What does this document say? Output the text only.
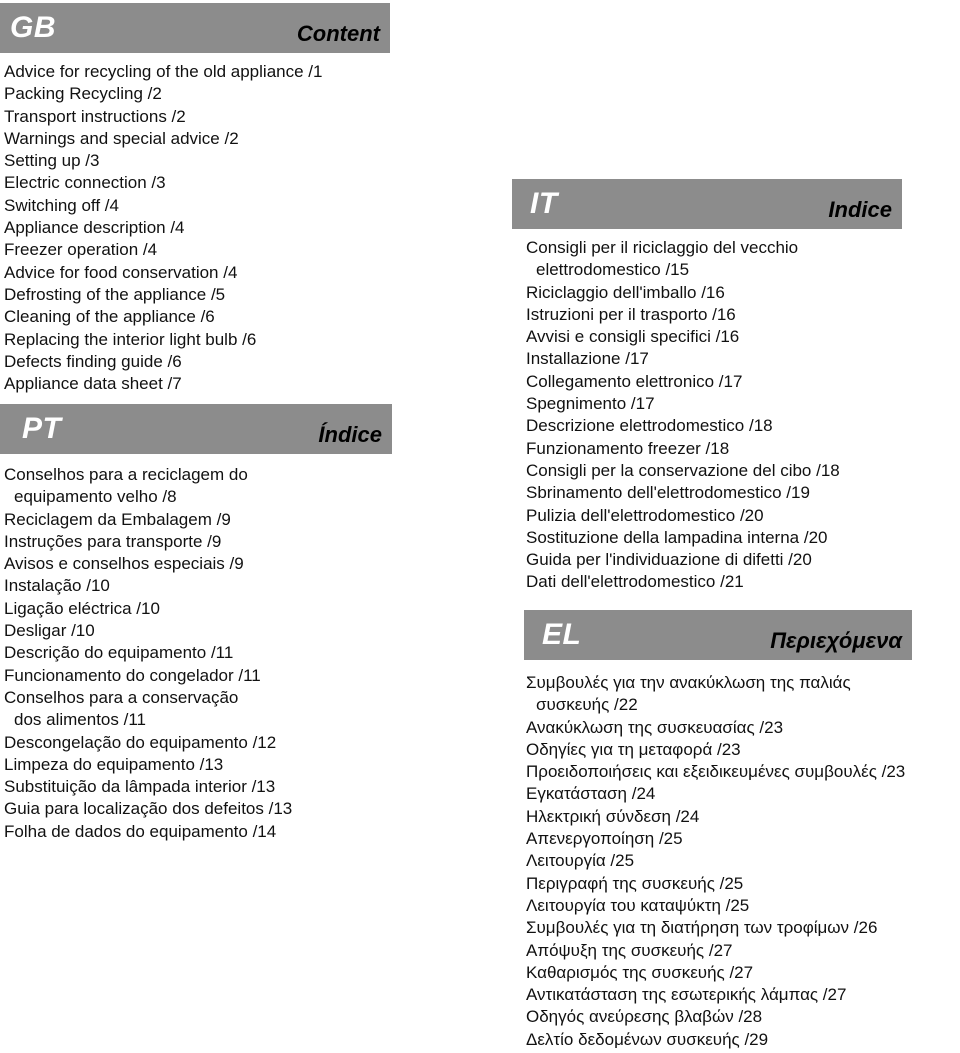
GB	Content
Advice for recycling of the old appliance /1
Packing Recycling /2
Transport instructions /2
Warnings and special advice /2
Setting up /3
Electric connection /3
Switching off /4
Appliance description /4
Freezer operation /4
Advice for food conservation /4
Defrosting of the appliance /5
Cleaning of the appliance /6
Replacing the interior light bulb /6
Defects finding guide /6
Appliance data sheet /7
PT	Índice
Conselhos para a reciclagem do
equipamento velho /8
Reciclagem da Embalagem /9
Instruções para transporte /9
Avisos e conselhos especiais /9
Instalação /10
Ligação eléctrica /10
Desligar /10
Descrição do equipamento /11
Funcionamento do congelador /11
Conselhos para a conservação
dos alimentos /11
Descongelação do equipamento /12
Limpeza do equipamento /13
Substituição da lâmpada interior /13
Guia para localização dos defeitos /13
Folha de dados do equipamento /14
IT	Indice
Consigli per il riciclaggio del vecchio
elettrodomestico /15
Riciclaggio dell'imballo /16
Istruzioni per il trasporto /16
Avvisi e consigli specifici /16
Installazione /17
Collegamento elettronico /17
Spegnimento /17
Descrizione elettrodomestico /18
Funzionamento freezer /18
Consigli per la conservazione del cibo /18
Sbrinamento dell'elettrodomestico /19
Pulizia dell'elettrodomestico /20
Sostituzione della lampadina interna /20
Guida per l'individuazione di difetti /20
Dati dell'elettrodomestico /21
EL	Περιεχόμενα
Συμβουλές για την ανακύκλωση της παλιάς
συσκευής /22
Ανακύκλωση της συσκευασίας /23
Οδηγίες για τη μεταφορά /23
Προειδοποιήσεις και εξειδικευμένες συμβουλές /23
Εγκατάσταση /24
Ηλεκτρική σύνδεση /24
Απενεργοποίηση /25
Λειτουργία /25
Περιγραφή της συσκευής /25
Λειτουργία του καταψύκτη /25
Συμβουλές για τη διατήρηση των τροφίμων /26
Απόψυξη της συσκευής /27
Καθαρισμός της συσκευής /27
Αντικατάσταση της εσωτερικής λάμπας /27
Οδηγός ανεύρεσης βλαβών /28
Δελτίο δεδομένων συσκευής /29
